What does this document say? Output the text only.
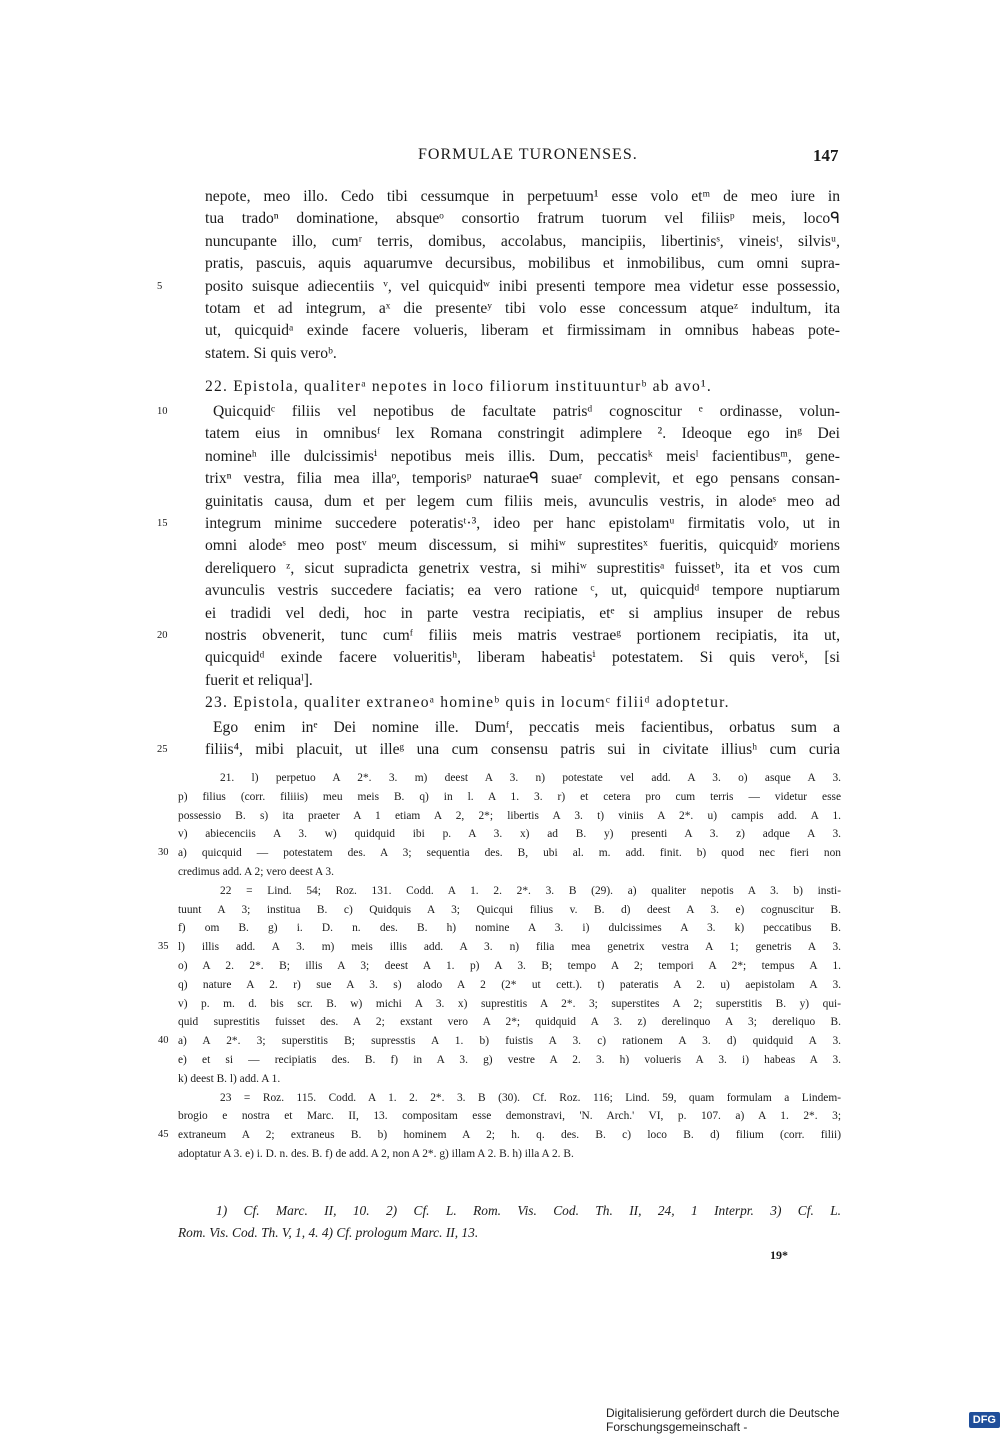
FORMULAE TURONENSES.	147
nepote, meo illo. Cedo tibi cessumque in perpetuum¹ esse volo etᵐ de meo iure in
tua tradoⁿ dominatione, absqueᵒ consortio fratrum tuorum vel filiisᵖ meis, locoᑫ
nuncupante illo, cumʳ terris, domibus, accolabus, mancipiis, libertinisˢ, vineisᵗ, silvisᵘ,
pratis, pascuis, aquis aquarumve decursibus, mobilibus et inmobilibus, cum omni supra-
5	posito suisque adiecentiis ᵛ, vel quicquidʷ inibi presenti tempore mea videtur esse possessio,
totam et ad integrum, aˣ die presenteʸ tibi volo esse concessum atqueᶻ indultum, ita
ut, quicquidᵃ exinde facere volueris, liberam et firmissimam in omnibus habeas pote-
statem. Si quis veroᵇ.
22. Epistola, qualiterᵃ nepotes in loco filiorum instituunturᵇ ab avo¹.
10	Quicquidᶜ filiis vel nepotibus de facultate patrisᵈ cognoscitur ᵉ ordinasse, volun-
tatem eius in omnibusᶠ lex Romana constringit adimplere ². Ideoque ego inᵍ Dei
nomineʰ ille dulcissimisⁱ nepotibus meis illis. Dum, peccatisᵏ meisˡ facientibusᵐ, gene-
trixⁿ vestra, filia mea illaᵒ, temporisᵖ naturaeᑫ suaeʳ complevit, et ego pensans consan-
guinitatis causa, dum et per legem cum filiis meis, avunculis vestris, in alodeˢ meo ad
15	integrum minime succedere poteratisᵗ·³, ideo per hanc epistolamᵘ firmitatis volo, ut in
omni alodeˢ meo postᵛ meum discessum, si mihiʷ suprestitesˣ fueritis, quicquidʸ moriens
dereliquero ᶻ, sicut supradicta genetrix vestra, si mihiʷ suprestitisᵃ fuissetᵇ, ita et vos cum
avunculis vestris succedere faciatis; ea vero ratione ᶜ, ut, quicquidᵈ tempore nuptiarum
ei tradidi vel dedi, hoc in parte vestra recipiatis, etᵉ si amplius insuper de rebus
20	nostris obvenerit, tunc cumᶠ filiis meis matris vestraeᵍ portionem recipiatis, ita ut,
quicquidᵈ exinde facere volueritisʰ, liberam habeatisⁱ potestatem. Si quis veroᵏ, [si
fuerit et reliquaˡ].
23. Epistola, qualiter extraneoᵃ homineᵇ quis in locumᶜ filiiᵈ adoptetur.
Ego enim inᵉ Dei nomine ille. Dumᶠ, peccatis meis facientibus, orbatus sum a
25	filiis⁴, mibi placuit, ut illeᵍ una cum consensu patris sui in civitate illiusʰ cum curia
21. l) perpetuo A 2*. 3. m) deest A 3. n) potestate vel add. A 3. o) asque A 3.
p) filius (corr. filiiis) meu meis B. q) in l. A 1. 3. r) et cetera pro cum terris — videtur esse
possessio B. s) ita praeter A 1 etiam A 2, 2*; libertis A 3. t) viniis A 2*. u) campis add. A 1.
v) abiecenciis A 3. w) quidquid ibi p. A 3. x) ad B. y) presenti A 3. z) adque A 3.
30 a) quicquid — potestatem des. A 3; sequentia des. B, ubi al. m. add. finit. b) quod nec fieri non
credimus add. A 2; vero deest A 3.
22 = Lind. 54; Roz. 131. Codd. A 1. 2. 2*. 3. B (29). a) qualiter nepotis A 3. b) insti-
tuunt A 3; institua B. c) Quidquis A 3; Quicqui filius v. B. d) deest A 3. e) cognuscitur B.
f) om B. g) i. D. n. des. B. h) nomine A 3. i) dulcissimes A 3. k) peccatibus B.
35 l) illis add. A 3. m) meis illis add. A 3. n) filia mea genetrix vestra A 1; genetris A 3.
o) A 2. 2*. B; illis A 3; deest A 1. p) A 3. B; tempo A 2; tempori A 2*; tempus A 1.
q) nature A 2. r) sue A 3. s) alodo A 2 (2* ut cett.). t) pateratis A 2. u) aepistolam A 3.
v) p. m. d. bis scr. B. w) michi A 3. x) suprestitis A 2*. 3; superstites A 2; superstitis B. y) qui-
quid suprestitis fuisset des. A 2; exstant vero A 2*; quidquid A 3. z) derelinquo A 3; dereliquo B.
40 a) A 2*. 3; superstitis B; supresstis A 1. b) fuistis A 3. c) rationem A 3. d) quidquid A 3.
e) et si — recipiatis des. B. f) in A 3. g) vestre A 2. 3. h) volueris A 3. i) habeas A 3.
k) deest B. l) add. A 1.
23 = Roz. 115. Codd. A 1. 2. 2*. 3. B (30). Cf. Roz. 116; Lind. 59, quam formulam a Lindem-
brogio e nostra et Marc. II, 13. compositam esse demonstravi, 'N. Arch.' VI, p. 107. a) A 1. 2*. 3;
45 extraneum A 2; extraneus B. b) hominem A 2; h. q. des. B. c) loco B. d) filium (corr. filii)
adoptatur A 3. e) i. D. n. des. B. f) de add. A 2, non A 2*. g) illam A 2. B. h) illa A 2. B.
1) Cf. Marc. II, 10. 2) Cf. L. Rom. Vis. Cod. Th. II, 24, 1 Interpr. 3) Cf. L.
Rom. Vis. Cod. Th. V, 1, 4. 4) Cf. prologum Marc. II, 13.
19*
Digitalisierung gefördert durch die Deutsche Forschungsgemeinschaft -	DFG
